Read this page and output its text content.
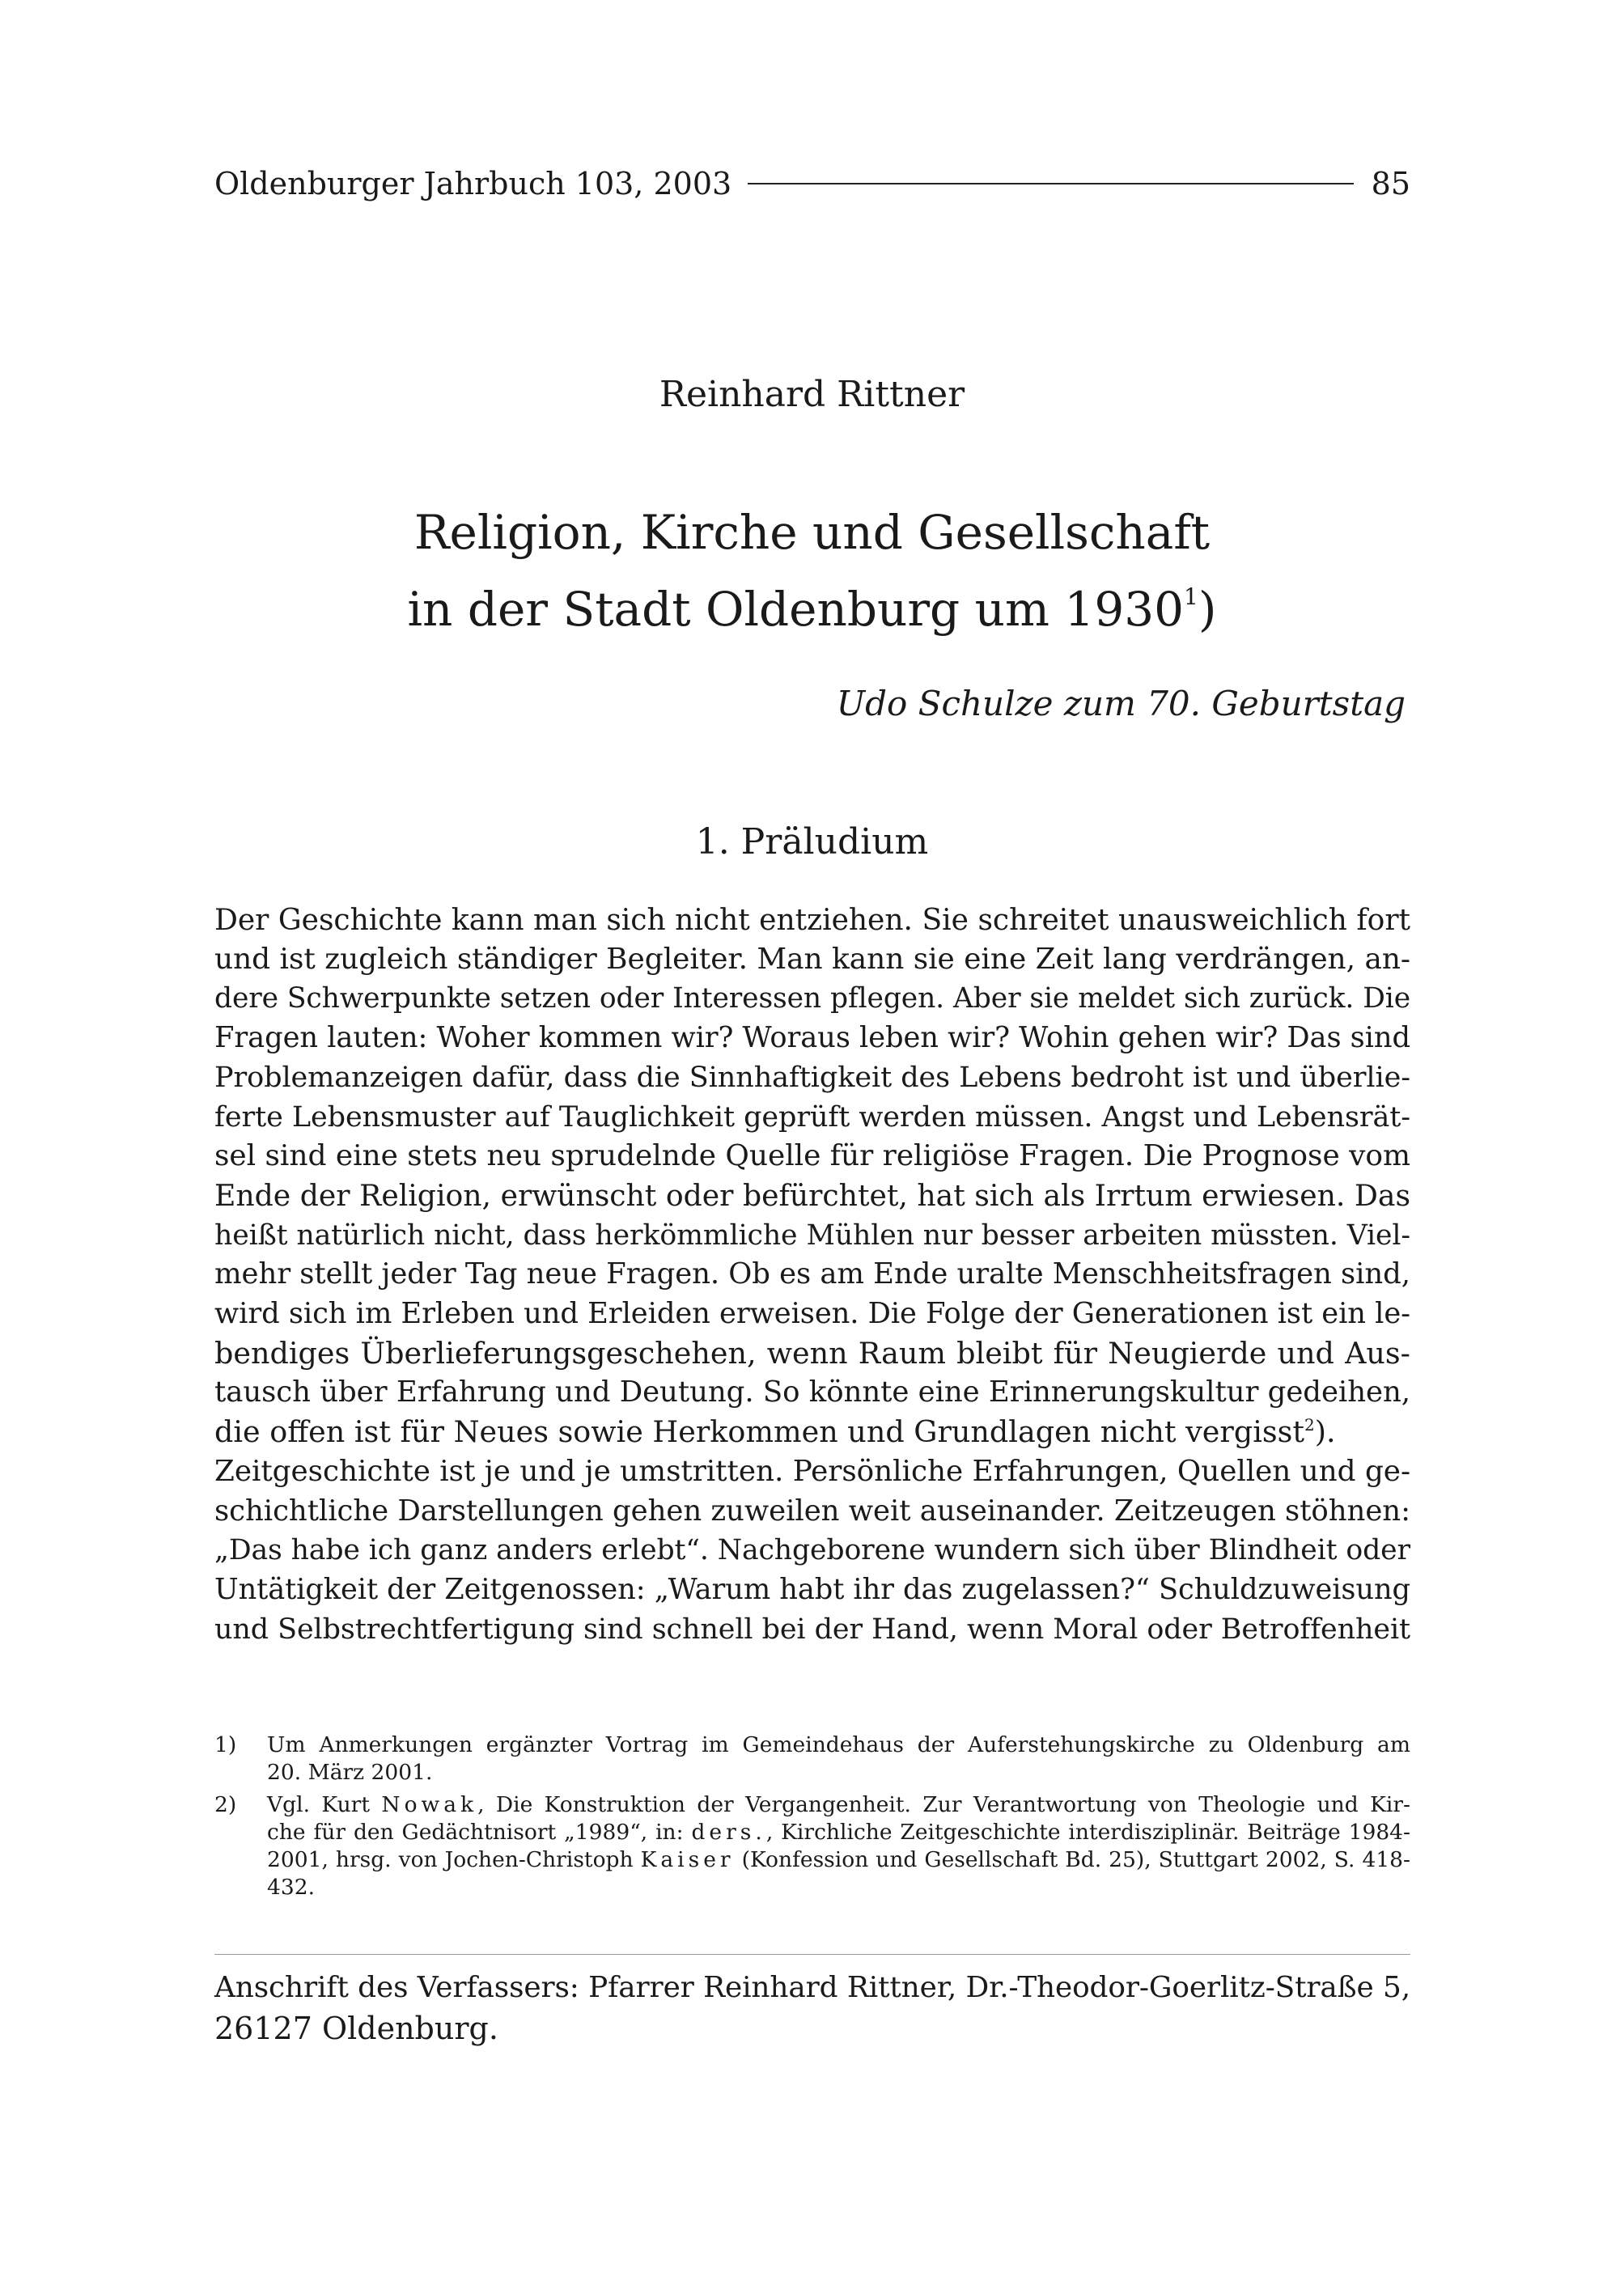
Oldenburger Jahrbuch 103, 2003	85
Reinhard Rittner
Religion, Kirche und Gesellschaft
in der Stadt Oldenburg um 1930$^1$)
Udo Schulze zum 70. Geburtstag
1. Präludium
Der Geschichte kann man sich nicht entziehen. Sie schreitet unausweichlich fort
und ist zugleich ständiger Begleiter. Man kann sie eine Zeit lang verdrängen, an-
dere Schwerpunkte setzen oder Interessen pflegen. Aber sie meldet sich zurück. Die
Fragen lauten: Woher kommen wir? Woraus leben wir? Wohin gehen wir? Das sind
Problemanzeigen dafür, dass die Sinnhaftigkeit des Lebens bedroht ist und überlie-
ferte Lebensmuster auf Tauglichkeit geprüft werden müssen. Angst und Lebensrät-
sel sind eine stets neu sprudelnde Quelle für religiöse Fragen. Die Prognose vom
Ende der Religion, erwünscht oder befürchtet, hat sich als Irrtum erwiesen. Das
heißt natürlich nicht, dass herkömmliche Mühlen nur besser arbeiten müssten. Viel-
mehr stellt jeder Tag neue Fragen. Ob es am Ende uralte Menschheitsfragen sind,
wird sich im Erleben und Erleiden erweisen. Die Folge der Generationen ist ein le-
bendiges Überlieferungsgeschehen, wenn Raum bleibt für Neugierde und Aus-
tausch über Erfahrung und Deutung. So könnte eine Erinnerungskultur gedeihen,
die offen ist für Neues sowie Herkommen und Grundlagen nicht vergisst$^2$).
Zeitgeschichte ist je und je umstritten. Persönliche Erfahrungen, Quellen und ge-
schichtliche Darstellungen gehen zuweilen weit auseinander. Zeitzeugen stöhnen:
„Das habe ich ganz anders erlebt“. Nachgeborene wundern sich über Blindheit oder
Untätigkeit der Zeitgenossen: „Warum habt ihr das zugelassen?“ Schuldzuweisung
und Selbstrechtfertigung sind schnell bei der Hand, wenn Moral oder Betroffenheit
1)	Um Anmerkungen ergänzter Vortrag im Gemeindehaus der Auferstehungskirche zu Oldenburg am
20. März 2001.
2)	Vgl. Kurt Nowak, Die Konstruktion der Vergangenheit. Zur Verantwortung von Theologie und Kir-
che für den Gedächtnisort „1989“, in: ders., Kirchliche Zeitgeschichte interdisziplinär. Beiträge 1984-
2001, hrsg. von Jochen-Christoph Kaiser (Konfession und Gesellschaft Bd. 25), Stuttgart 2002, S. 418-
432.
Anschrift des Verfassers: Pfarrer Reinhard Rittner, Dr.-Theodor-Goerlitz-Straße 5,
26127 Oldenburg.
